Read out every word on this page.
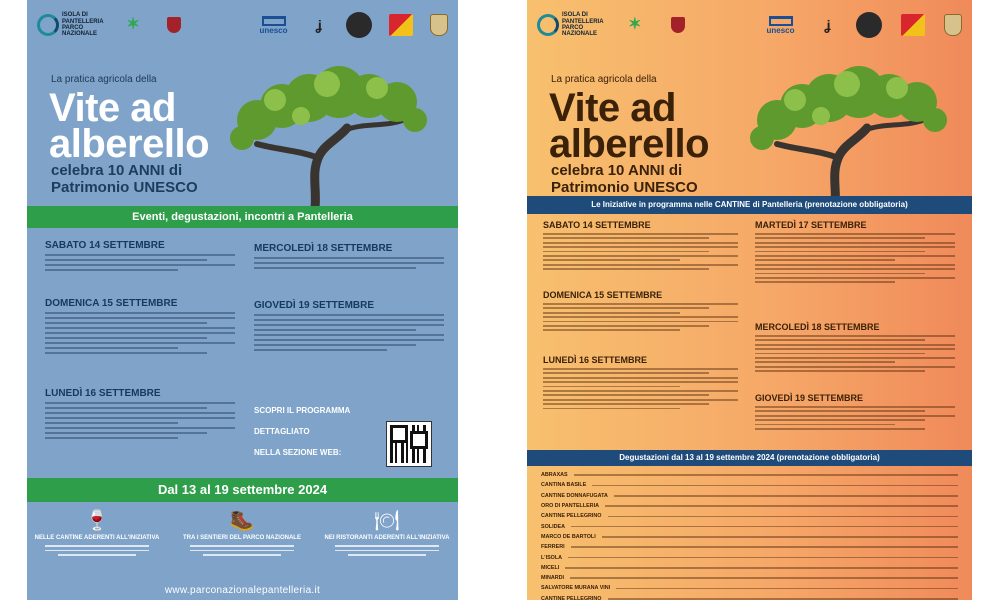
ISOLA DI PANTELLERIA PARCO NAZIONALE
✶	unesco	ʝ
La pratica agricola della
Vite ad
alberello
celebra 10 ANNI di
Patrimonio UNESCO
Eventi, degustazioni, incontri a Pantelleria
SABATO 14 SETTEMBRE
DOMENICA 15 SETTEMBRE
LUNEDÌ 16 SETTEMBRE
MERCOLEDÌ 18 SETTEMBRE
GIOVEDÌ 19 SETTEMBRE
SCOPRI IL PROGRAMMA
DETTAGLIATO
NELLA SEZIONE WEB:
Dal 13 al 19 settembre 2024
🍷
NELLE CANTINE ADERENTI ALL'INIZIATIVA
🥾
TRA I SENTIERI DEL PARCO NAZIONALE
🍽
NEI RISTORANTI ADERENTI ALL'INIZIATIVA
www.parconazionalepantelleria.it
ISOLA DI PANTELLERIA PARCO NAZIONALE
✶	unesco	ʝ
La pratica agricola della
Vite ad
alberello
celebra 10 ANNI di
Patrimonio UNESCO
Le Iniziative in programma nelle CANTINE di Pantelleria (prenotazione obbligatoria)
SABATO 14 SETTEMBRE
DOMENICA 15 SETTEMBRE
LUNEDÌ 16 SETTEMBRE
MARTEDÌ 17 SETTEMBRE
MERCOLEDÌ 18 SETTEMBRE
GIOVEDÌ 19 SETTEMBRE
Degustazioni dal 13 al 19 settembre 2024 (prenotazione obbligatoria)
ABRAXAS
CANTINA BASILE
CANTINE DONNAFUGATA
ORO DI PANTELLERIA
CANTINE PELLEGRINO
SOLIDEA
MARCO DE BARTOLI
FERRERI
L'ISOLA
MICELI
MINARDI
SALVATORE MURANA VINI
CANTINE PELLEGRINO
